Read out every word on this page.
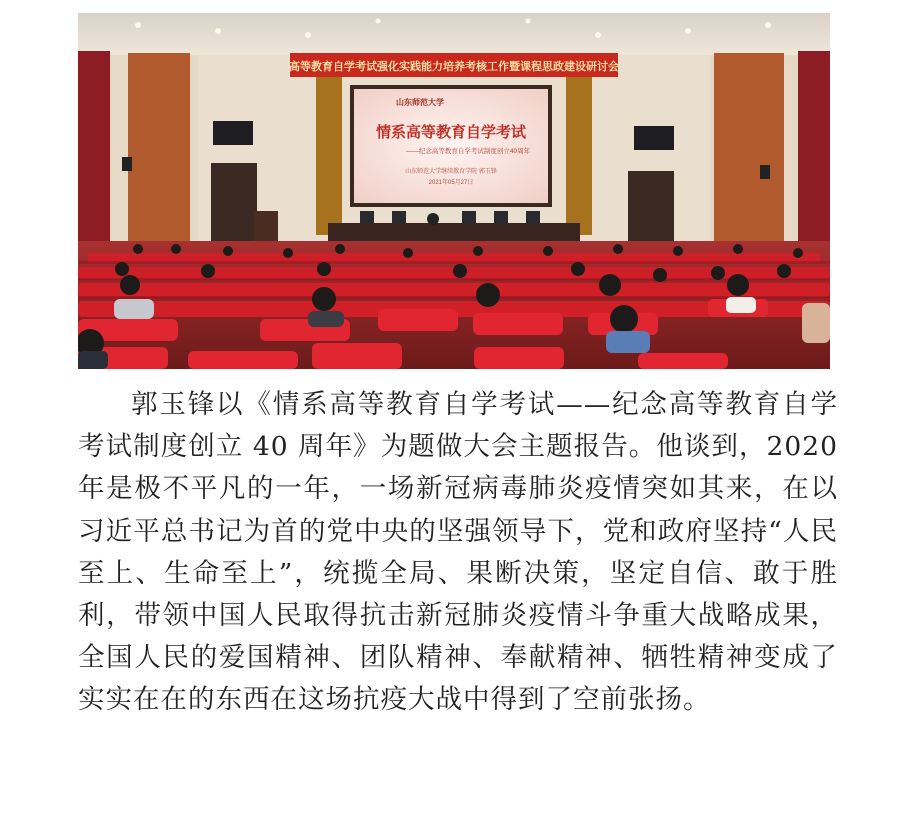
高等教育自学考试强化实践能力培养考核工作暨课程思政建设研讨会
山东师范大学
情系高等教育自学考试
——纪念高等教育自学考试制度创立40周年
山东师范大学继续教育学院 郭玉锋
2021年05月27日

郭玉锋以《情系高等教育自学考试——纪念高等教育自学考试制度创立 40 周年》为题做大会主题报告。他谈到，2020 年是极不平凡的一年，一场新冠病毒肺炎疫情突如其来，在以习近平总书记为首的党中央的坚强领导下，党和政府坚持“人民至上、生命至上”，统揽全局、果断决策，坚定自信、敢于胜利，带领中国人民取得抗击新冠肺炎疫情斗争重大战略成果，全国人民的爱国精神、团队精神、奉献精神、牺牲精神变成了实实在在的东西在这场抗疫大战中得到了空前张扬。
